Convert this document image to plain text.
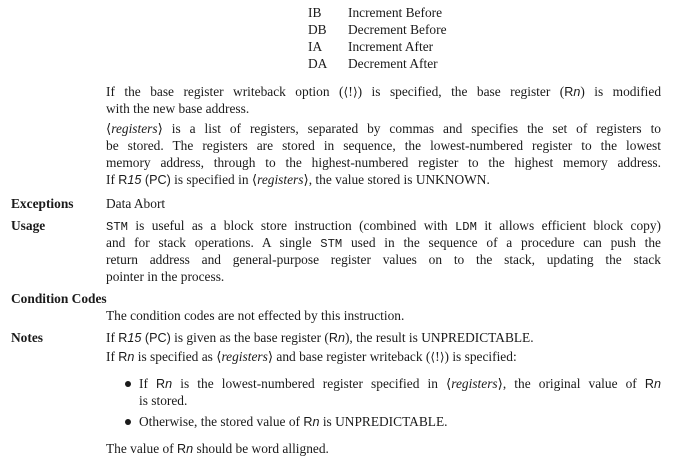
IB Increment Before
DB Decrement Before
IA Increment After
DA Decrement After
If the base register writeback option (⟨!⟩) is specified, the base register (Rn) is modified
with the new base address.
⟨registers⟩ is a list of registers, separated by commas and specifies the set of registers to
be stored. The registers are stored in sequence, the lowest-numbered register to the lowest
memory address, through to the highest-numbered register to the highest memory address.
If R15 (PC) is specified in ⟨registers⟩, the value stored is UNKNOWN.
Exceptions Data Abort
Usage	STM is useful as a block store instruction (combined with LDM it allows efficient block copy)
and for stack operations. A single STM used in the sequence of a procedure can push the
return address and general-purpose register values on to the stack, updating the stack
pointer in the process.
Condition Codes
The condition codes are not effected by this instruction.
Notes	If R15 (PC) is given as the base register (Rn), the result is UNPREDICTABLE.
If Rn is specified as ⟨registers⟩ and base register writeback (⟨!⟩) is specified:
If Rn is the lowest-numbered register specified in ⟨registers⟩, the original value of Rn
is stored.
Otherwise, the stored value of Rn is UNPREDICTABLE.
The value of Rn should be word alligned.
